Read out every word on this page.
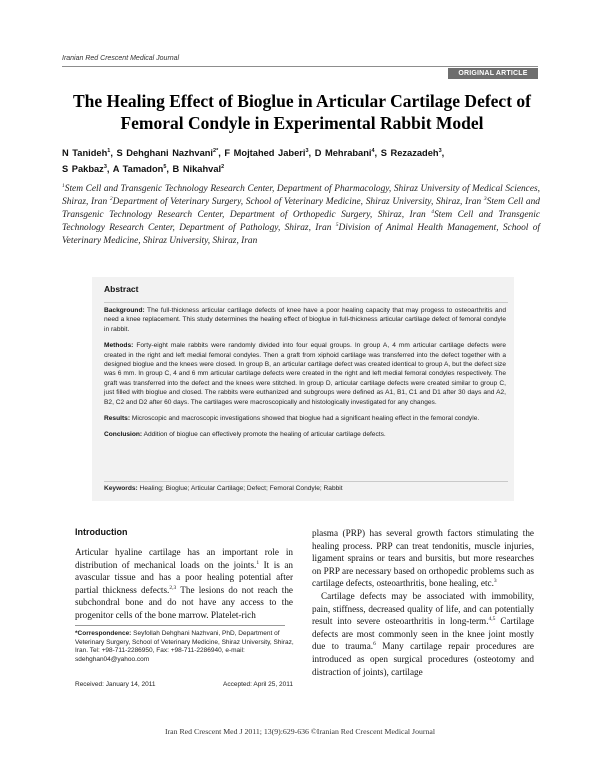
Iranian Red Crescent Medical Journal
ORIGINAL ARTICLE
The Healing Effect of Bioglue in Articular Cartilage Defect of Femoral Condyle in Experimental Rabbit Model
N Tanideh$^1$, S Dehghani Nazhvani$^{2*}$, F Mojtahed Jaberi$^3$, D Mehrabani$^4$, S Rezazadeh$^3$,
S Pakbaz$^3$, A Tamadon$^5$, B Nikahval$^2$
$^1$Stem Cell and Transgenic Technology Research Center, Department of Pharmacology, Shiraz University of Medical Sciences, Shiraz, Iran $^2$Department of Veterinary Surgery, School of Veterinary Medicine, Shiraz University, Shiraz, Iran $^3$Stem Cell and Transgenic Technology Research Center, Department of Orthopedic Surgery, Shiraz, Iran $^4$Stem Cell and Transgenic Technology Research Center, Department of Pathology, Shiraz, Iran $^5$Division of Animal Health Management, School of Veterinary Medicine, Shiraz University, Shiraz, Iran
Abstract

Background: The full-thickness articular cartilage defects of knee have a poor healing capacity that may progess to osteoarthritis and need a knee replacement. This study determines the healing effect of bioglue in full-thickness articular cartilage defect of femoral condyle in rabbit.

Methods: Forty-eight male rabbits were randomly divided into four equal groups. In group A, 4 mm articular cartilage defects were created in the right and left medial femoral condyles. Then a graft from xiphoid cartilage was transferred into the defect together with a designed bioglue and the knees were closed. In group B, an articular cartilage defect was created identical to group A, but the defect size was 6 mm. In group C, 4 and 6 mm articular cartilage defects were created in the right and left medial femoral condyles respectively. The graft was transferred into the defect and the knees were stitched. In group D, articular cartilage defects were created similar to group C, just filled with bioglue and closed. The rabbits were euthanized and subgroups were defined as A1, B1, C1 and D1 after 30 days and A2, B2, C2 and D2 after 60 days. The cartilages were macroscopically and histologically investigated for any changes.

Results: Microscopic and macroscopic investigations showed that bioglue had a significant healing effect in the femoral condyle.

Conclusion: Addition of bioglue can effectively promote the healing of articular cartilage defects.

Keywords: Healing; Bioglue; Articular Cartilage; Defect; Femoral Condyle; Rabbit
Introduction

Articular hyaline cartilage has an important role in distribution of mechanical loads on the joints.$^1$ It is an avascular tissue and has a poor healing potential after partial thickness defects.$^{2,3}$ The lesions do not reach the subchondral bone and do not have any access to the progenitor cells of the bone marrow. Platelet-rich

plasma (PRP) has several growth factors stimulating the healing process. PRP can treat tendonitis, muscle injuries, ligament sprains or tears and bursitis, but more researches on PRP are necessary based on orthopedic problems such as cartilage defects, osteoarthritis, bone healing, etc.$^3$

Cartilage defects may be associated with immobility, pain, stiffness, decreased quality of life, and can potentially result into severe osteoarthritis in long-term.$^{4,5}$ Cartilage defects are most commonly seen in the knee joint mostly due to trauma.$^6$ Many cartilage repair procedures are introduced as open surgical procedures (osteotomy and distraction of joints), cartilage

*Correspondence: Seyfollah Dehghani Nazhvani, PhD, Department of Veterinary Surgery, School of Veterinary Medicine, Shiraz University, Shiraz, Iran. Tel: +98-711-2286950, Fax: +98-711-2286940, e-mail: sdehghan04@yahoo.com
Received: January 14, 2011	Accepted: April 25, 2011
Iran Red Crescent Med J 2011; 13(9):629-636 ©Iranian Red Crescent Medical Journal
